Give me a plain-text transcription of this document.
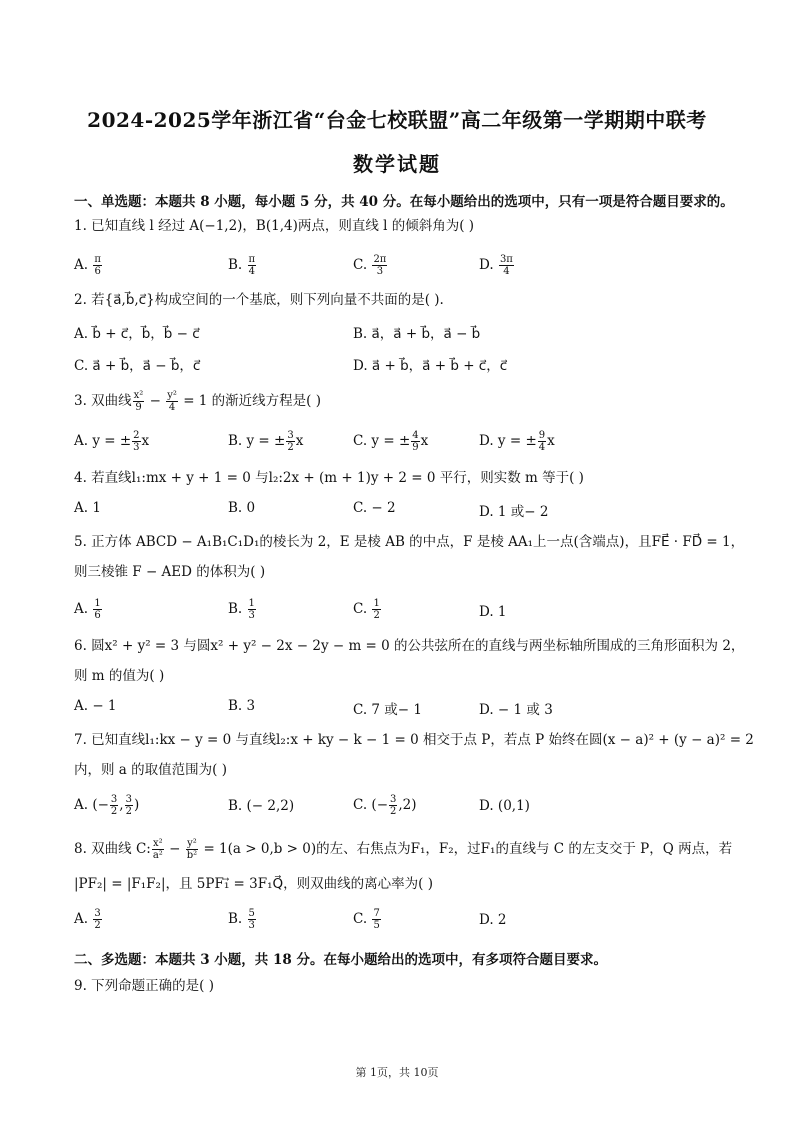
2024-2025学年浙江省“台金七校联盟”高二年级第一学期期中联考
数学试题
一、单选题：本题共 8 小题，每小题 5 分，共 40 分。在每小题给出的选项中，只有一项是符合题目要求的。
1. 已知直线 l 经过 A(−1,2)，B(1,4)两点，则直线 l 的倾斜角为( )
A. $\frac{\pi}{6}$	B. $\frac{\pi}{4}$	C. $\frac{2\pi}{3}$	D. $\frac{3\pi}{4}$
2. 若{a⃗,b⃗,c⃗}构成空间的一个基底，则下列向量不共面的是( ).
A. b⃗ + c⃗，b⃗，b⃗ − c⃗	B. a⃗，a⃗ + b⃗，a⃗ − b⃗
C. a⃗ + b⃗，a⃗ − b⃗，c⃗	D. a⃗ + b⃗，a⃗ + b⃗ + c⃗，c⃗
3. 双曲线 $\frac{\text{x²}}{9} - \frac{\text{y²}}{4} = 1$ 的渐近线方程是( )
A. y = ± $\frac{2}{3}$ x	B. y = ± $\frac{3}{2}$ x	C. y = ± $\frac{4}{9}$ x	D. y = ± $\frac{9}{4}$ x
4. 若直线l₁:mx + y + 1 = 0 与l₂:2x + (m + 1)y + 2 = 0 平行，则实数 m 等于( )
A. 1	B. 0	C. − 2	D. 1 或− 2
5. 正方体 ABCD − A₁B₁C₁D₁的棱长为 2，E 是棱 AB 的中点，F 是棱 AA₁上一点(含端点)，且FE⃗ · FD⃗ = 1，
则三棱锥 F − AED 的体积为( )
A. $\frac{1}{6}$	B. $\frac{1}{3}$	C. $\frac{1}{2}$	D. 1
6. 圆x² + y² = 3 与圆x² + y² − 2x − 2y − m = 0 的公共弦所在的直线与两坐标轴所围成的三角形面积为 2，
则 m 的值为( )
A. − 1	B. 3	C. 7 或− 1	D. − 1 或 3
7. 已知直线l₁:kx − y = 0 与直线l₂:x + ky − k − 1 = 0 相交于点 P，若点 P 始终在圆(x − a)² + (y − a)² = 2
内，则 a 的取值范围为( )
A. (− $\frac{3}{2}$ , $\frac{3}{2}$ )	B. (− 2,2)	C. (− $\frac{3}{2} ,2$)	D. (0,1)
8. 双曲线 C: $\frac{\text{x²}}{\text{a²}} - \frac{\text{y²}}{\text{b²}} = 1(a > 0,b > 0)$的左、右焦点为F₁，F₂，过F₁的直线与 C 的左支交于 P，Q 两点，若
|PF₂| = |F₁F₂|，且 5PF₁⃗ = 3F₁Q⃗，则双曲线的离心率为( )
A. $\frac{3}{2}$	B. $\frac{5}{3}$	C. $\frac{7}{5}$	D. 2
二、多选题：本题共 3 小题，共 18 分。在每小题给出的选项中，有多项符合题目要求。
9. 下列命题正确的是( )
第 1页，共 10页
